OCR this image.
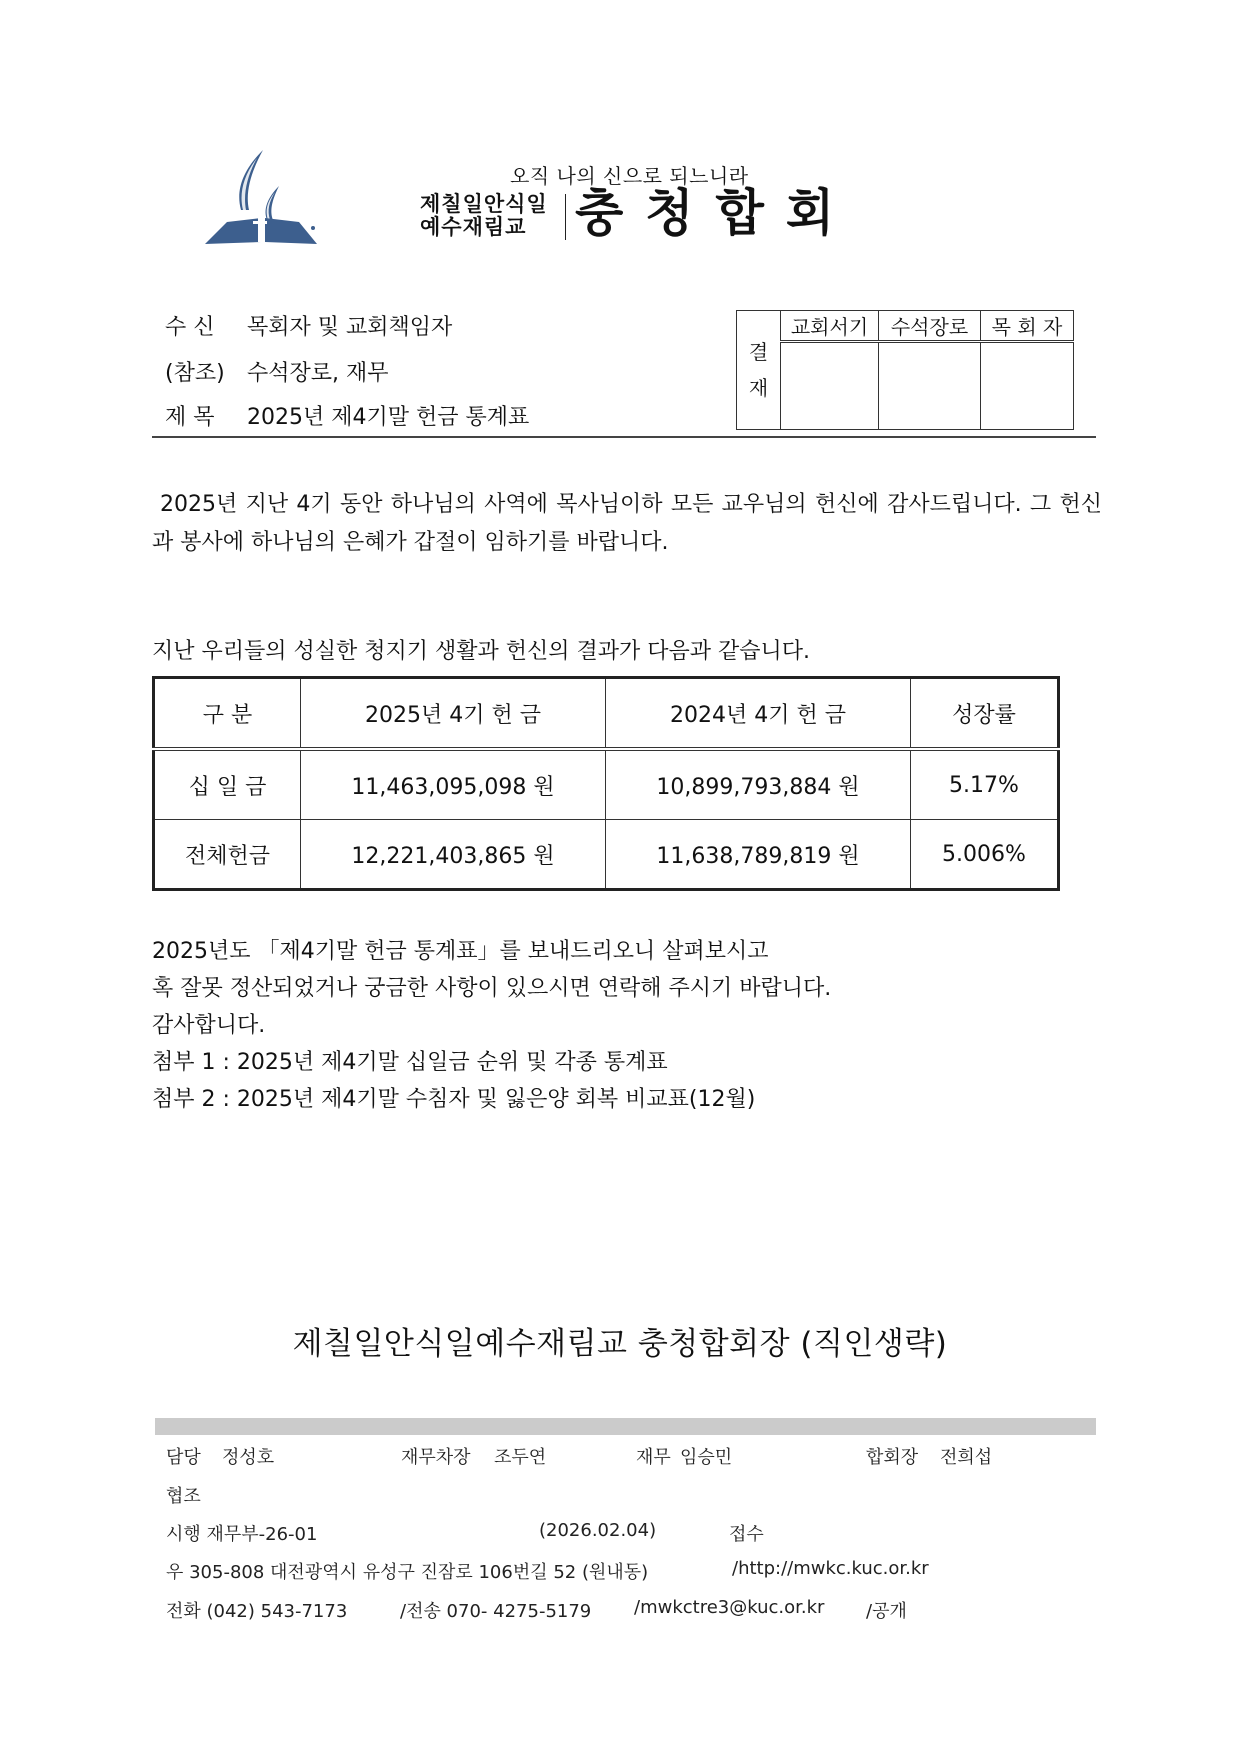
오직 나의 신으로 되느니라
제칠일안식일
예수재림교 충청합회
수 신 목회자 및 교회책임자
(참조) 수석장로, 재무
제 목 2025년 제4기말 헌금 통계표
결
재	교회서기	수석장로	목 회 자

2025년 지난 4기 동안 하나님의 사역에 목사님이하 모든 교우님의 헌신에 감사드립니다. 그 헌신과 봉사에 하나님의 은혜가 갑절이 임하기를 바랍니다.
지난 우리들의 성실한 청지기 생활과 헌신의 결과가 다음과 같습니다.
구 분	2025년 4기 헌 금	2024년 4기 헌 금	성장률
십 일 금	11,463,095,098 원	10,899,793,884 원	5.17%
전체헌금	12,221,403,865 원	11,638,789,819 원	5.006%
2025년도 「제4기말 헌금 통계표」를 보내드리오니 살펴보시고
혹 잘못 정산되었거나 궁금한 사항이 있으시면 연락해 주시기 바랍니다.
감사합니다.
첨부 1 : 2025년 제4기말 십일금 순위 및 각종 통계표
첨부 2 : 2025년 제4기말 수침자 및 잃은양 회복 비교표(12월)
제칠일안식일예수재림교 충청합회장 (직인생략)
담당 정성호	재무차장 조두연	재무 임승민	합회장 전희섭
협조
시행 재무부-26-01	(2026.02.04)	접수
우 305-808 대전광역시 유성구 진잠로 106번길 52 (원내동)	/http://mwkc.kuc.or.kr
전화 (042) 543-7173	/전송 070- 4275-5179 /mwkctre3@kuc.or.kr /공개
